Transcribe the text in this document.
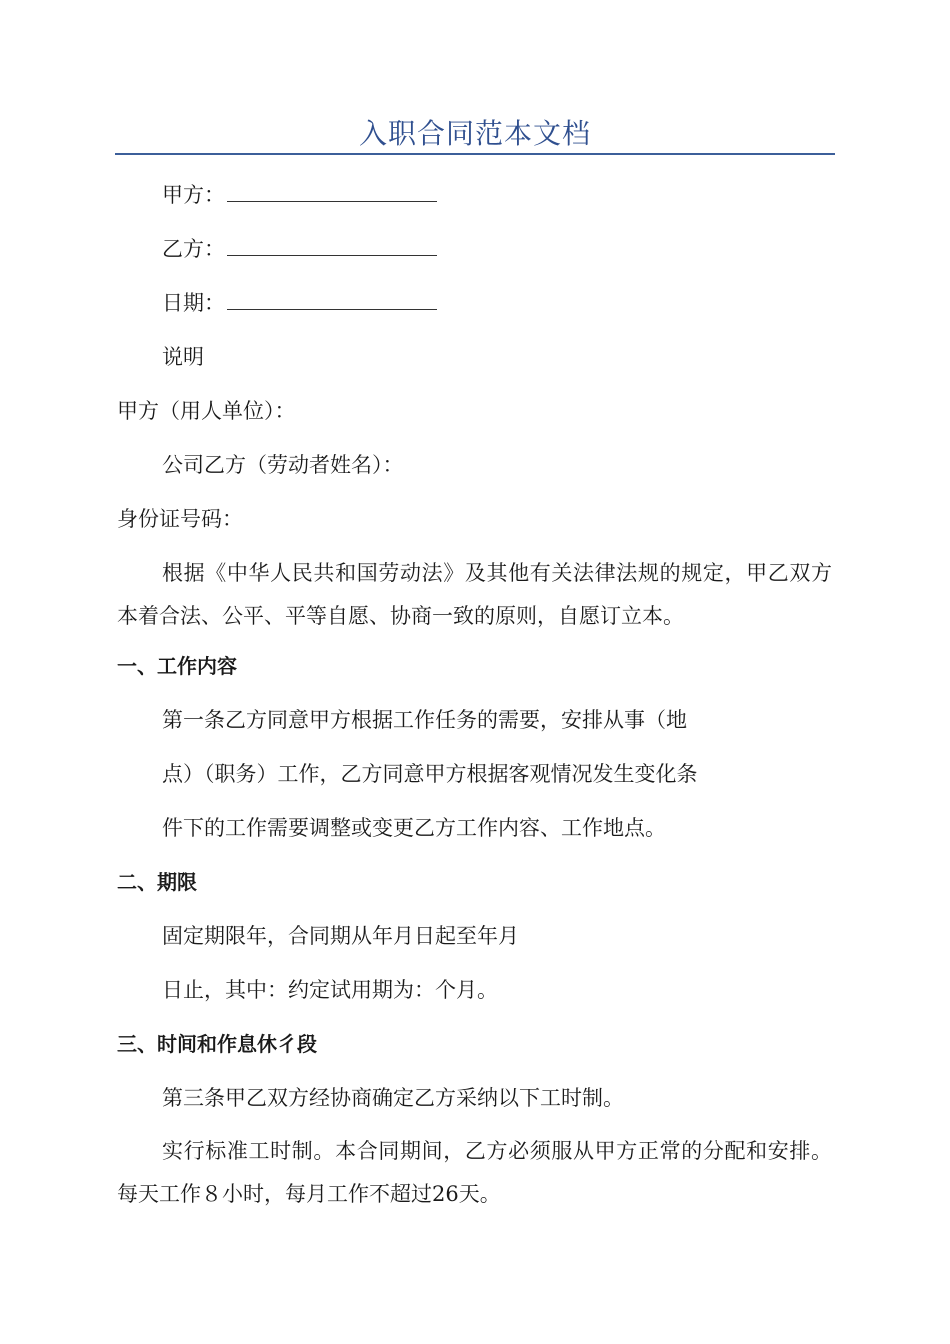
入职合同范本文档
甲方：
乙方：
日期：
说明
甲方（用人单位）：
公司乙方（劳动者姓名）：
身份证号码：
根据《中华人民共和国劳动法》及其他有关法律法规的规定，甲乙双方本着合法、公平、平等自愿、协商一致的原则，自愿订立本。
一、工作内容
第一条乙方同意甲方根据工作任务的需要，安排从事（地
点）（职务）工作，乙方同意甲方根据客观情况发生变化条
件下的工作需要调整或变更乙方工作内容、工作地点。
二、期限
固定期限年，合同期从年月日起至年月
日止，其中：约定试用期为：个月。
三、时间和作息休彳段
第三条甲乙双方经协商确定乙方采纳以下工时制。
实行标准工时制。本合同期间，乙方必须服从甲方正常的分配和安排。每天工作８小时，每月工作不超过26天。
